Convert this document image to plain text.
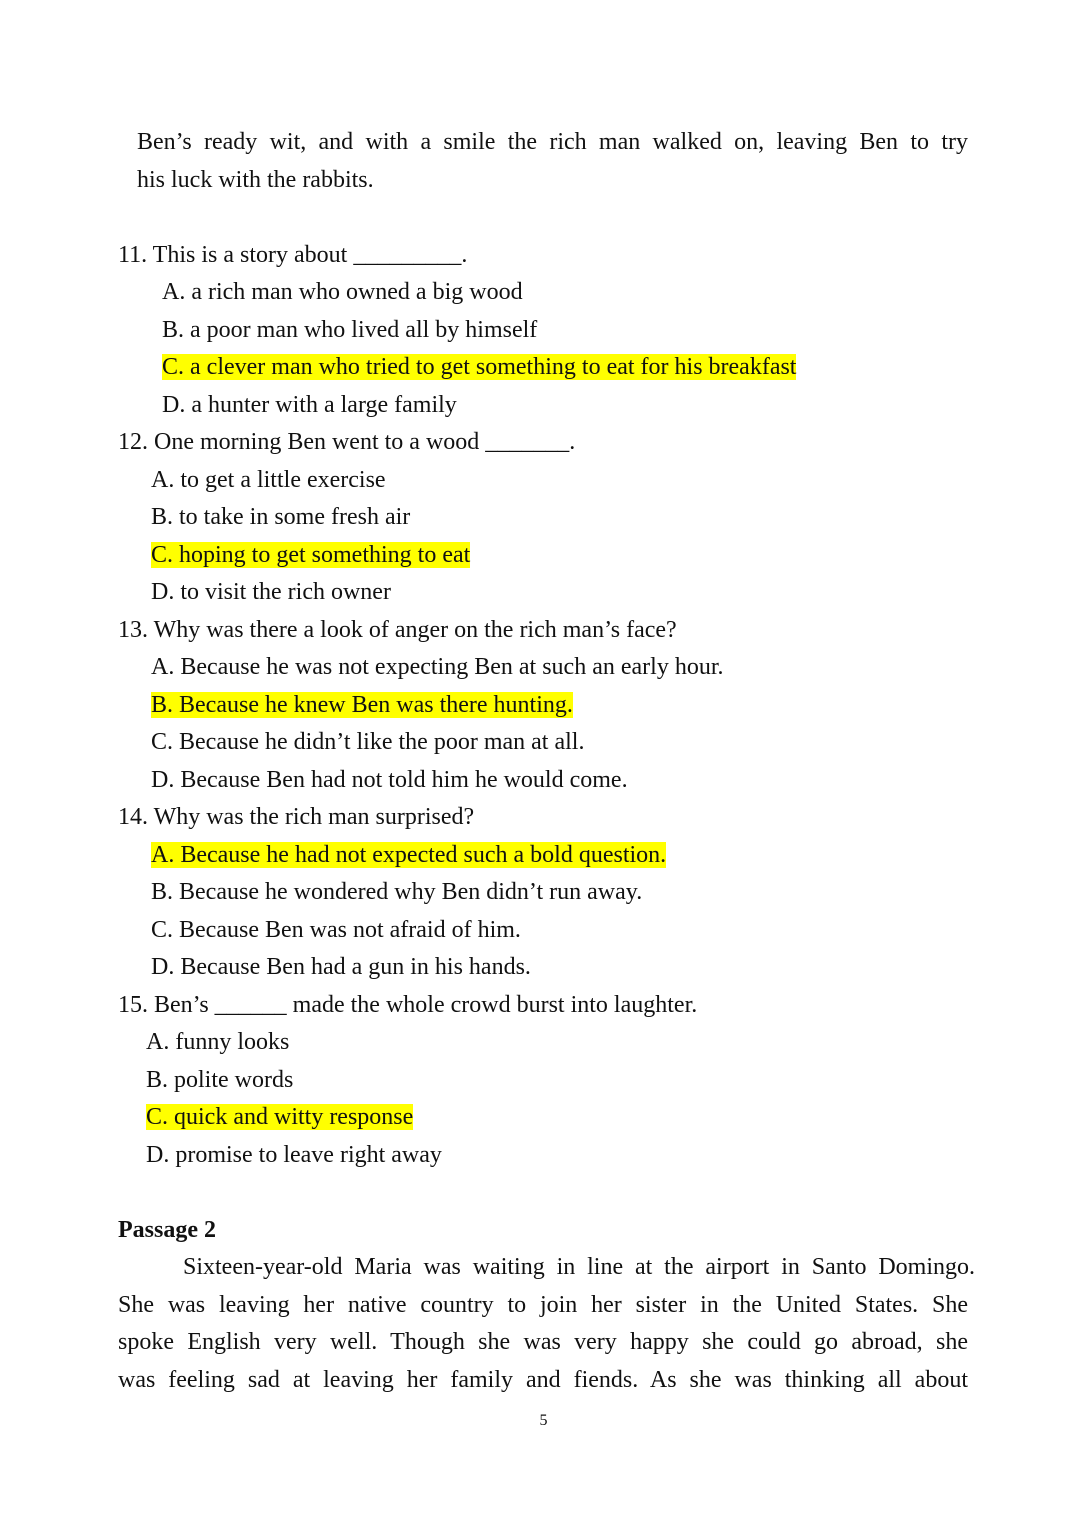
Ben’s ready wit, and with a smile the rich man walked on, leaving Ben to try
his luck with the rabbits.
11. This is a story about _________.
A. a rich man who owned a big wood
B. a poor man who lived all by himself
C. a clever man who tried to get something to eat for his breakfast
D. a hunter with a large family
12. One morning Ben went to a wood _______.
A. to get a little exercise
B. to take in some fresh air
C. hoping to get something to eat
D. to visit the rich owner
13. Why was there a look of anger on the rich man’s face?
A. Because he was not expecting Ben at such an early hour.
B. Because he knew Ben was there hunting.
C. Because he didn’t like the poor man at all.
D. Because Ben had not told him he would come.
14. Why was the rich man surprised?
A. Because he had not expected such a bold question.
B. Because he wondered why Ben didn’t run away.
C. Because Ben was not afraid of him.
D. Because Ben had a gun in his hands.
15. Ben’s ______ made the whole crowd burst into laughter.
A. funny looks
B. polite words
C. quick and witty response
D. promise to leave right away
Passage 2
Sixteen-year-old Maria was waiting in line at the airport in Santo Domingo.
She was leaving her native country to join her sister in the United States. She
spoke English very well. Though she was very happy she could go abroad, she
was feeling sad at leaving her family and fiends. As she was thinking all about
5
